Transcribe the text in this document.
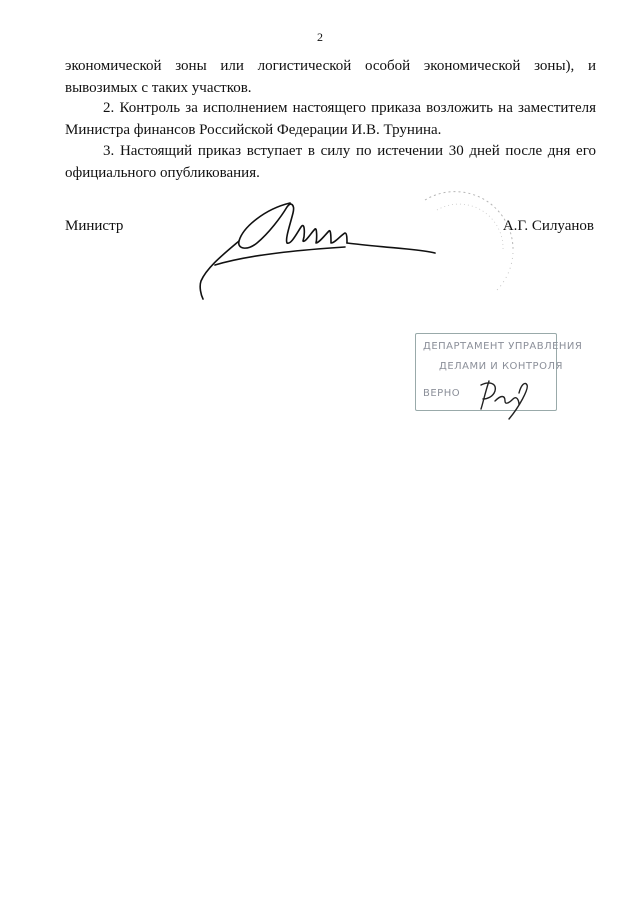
2

экономической зоны или логистической особой экономической зоны), и
вывозимых с таких участков.

2. Контроль за исполнением настоящего приказа возложить на заместителя
Министра финансов Российской Федерации И.В. Трунина.

3. Настоящий приказ вступает в силу по истечении 30 дней после дня его
официального опубликования.

Министр	А.Г. Силуанов
ДЕПАРТАМЕНТ УПРАВЛЕНИЯ
ДЕЛАМИ И КОНТРОЛЯ
ВЕРНО
